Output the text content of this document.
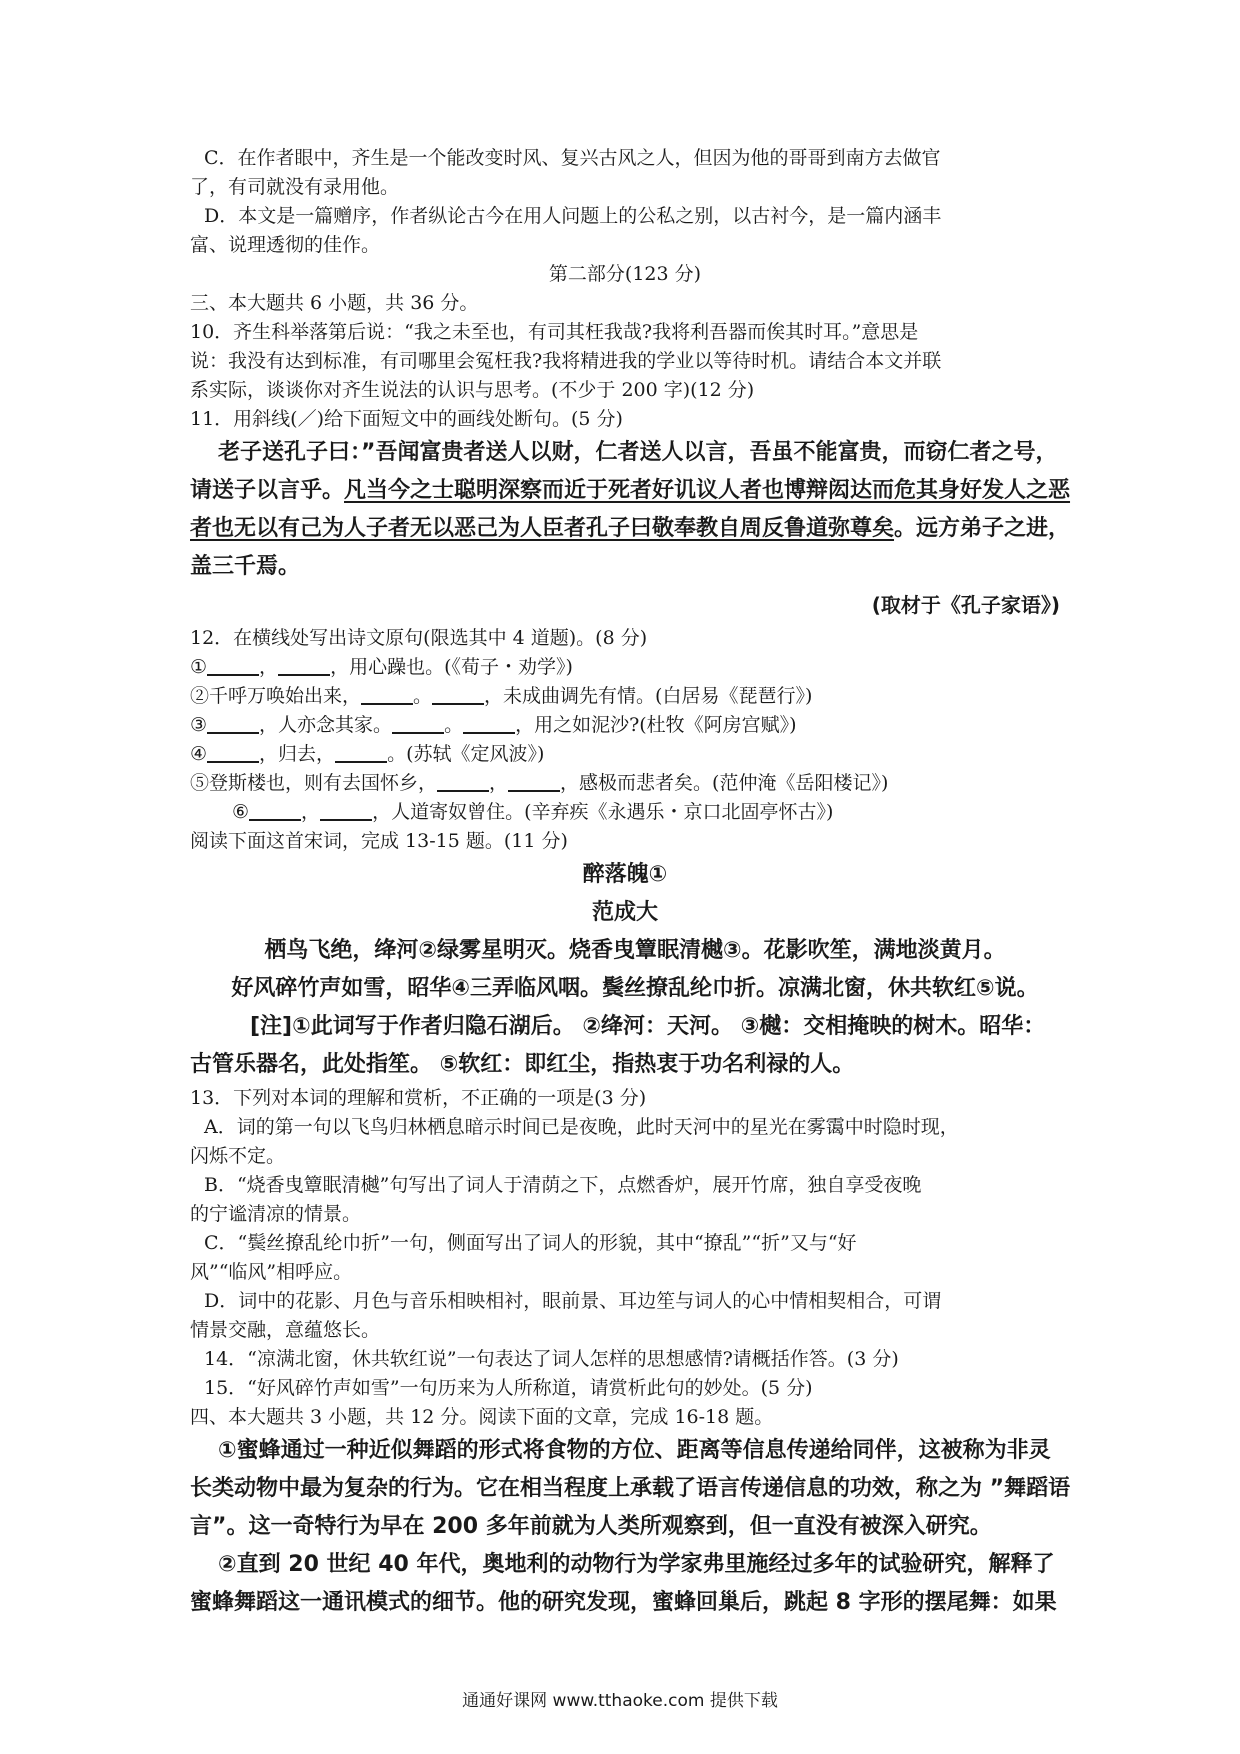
C．在作者眼中，齐生是一个能改变时风、复兴古风之人，但因为他的哥哥到南方去做官
了，有司就没有录用他。
D．本文是一篇赠序，作者纵论古今在用人问题上的公私之别，以古衬今，是一篇内涵丰
富、说理透彻的佳作。
第二部分(123 分)
三、本大题共 6 小题，共 36 分。
10．齐生科举落第后说：“我之未至也，有司其枉我哉?我将利吾器而俟其时耳。”意思是
说：我没有达到标准，有司哪里会冤枉我?我将精进我的学业以等待时机。请结合本文并联
系实际，谈谈你对齐生说法的认识与思考。(不少于 200 字)(12 分)
11．用斜线(／)给下面短文中的画线处断句。(5 分)
老子送孔子曰：”吾闻富贵者送人以财，仁者送人以言，吾虽不能富贵，而窃仁者之号，
请送子以言乎。凡当今之士聪明深察而近于死者好讥议人者也博辩闳达而危其身好发人之恶
者也无以有己为人子者无以恶己为人臣者孔子曰敬奉教自周反鲁道弥尊矣。远方弟子之进，
盖三千焉。
(取材于《孔子家语》)
12．在横线处写出诗文原句(限选其中 4 道题)。(8 分)
①	，	，用心躁也。(《荀子・劝学》)
②千呼万唤始出来，	。	，未成曲调先有情。(白居易《琵琶行》)
③	，人亦念其家。	。	，用之如泥沙?(杜牧《阿房宫赋》)
④	，归去，	。(苏轼《定风波》)
⑤登斯楼也，则有去国怀乡，	，	，感极而悲者矣。(范仲淹《岳阳楼记》)
⑥	，	，人道寄奴曾住。(辛弃疾《永遇乐・京口北固亭怀古》)
阅读下面这首宋词，完成 13-15 题。(11 分)
醉落魄①
范成大
栖鸟飞绝，绛河②绿雾星明灭。烧香曳簟眠清樾③。花影吹笙，满地淡黄月。
好风碎竹声如雪，昭华④三弄临风咽。鬓丝撩乱纶巾折。凉满北窗，休共软红⑤说。
[注]①此词写于作者归隐石湖后。 ②绛河：天河。 ③樾：交相掩映的树木。昭华：
古管乐器名，此处指笙。 ⑤软红：即红尘，指热衷于功名利禄的人。
13．下列对本词的理解和赏析，不正确的一项是(3 分)
A．词的第一句以飞鸟归林栖息暗示时间已是夜晚，此时天河中的星光在雾霭中时隐时现，
闪烁不定。
B．“烧香曳簟眠清樾”句写出了词人于清荫之下，点燃香炉，展开竹席，独自享受夜晚
的宁谧清凉的情景。
C．“鬓丝撩乱纶巾折”一句，侧面写出了词人的形貌，其中“撩乱”“折”又与“好
风”“临风”相呼应。
D．词中的花影、月色与音乐相映相衬，眼前景、耳边笙与词人的心中情相契相合，可谓
情景交融，意蕴悠长。
14．“凉满北窗，休共软红说”一句表达了词人怎样的思想感情?请概括作答。(3 分)
15．“好风碎竹声如雪”一句历来为人所称道，请赏析此句的妙处。(5 分)
四、本大题共 3 小题，共 12 分。阅读下面的文章，完成 16-18 题。
①蜜蜂通过一种近似舞蹈的形式将食物的方位、距离等信息传递给同伴，这被称为非灵
长类动物中最为复杂的行为。它在相当程度上承载了语言传递信息的功效，称之为 ”舞蹈语
言”。这一奇特行为早在 200 多年前就为人类所观察到，但一直没有被深入研究。
②直到 20 世纪 40 年代，奥地利的动物行为学家弗里施经过多年的试验研究，解释了
蜜蜂舞蹈这一通讯模式的细节。他的研究发现，蜜蜂回巢后，跳起 8 字形的摆尾舞：如果
通通好课网 www.tthaoke.com 提供下载
